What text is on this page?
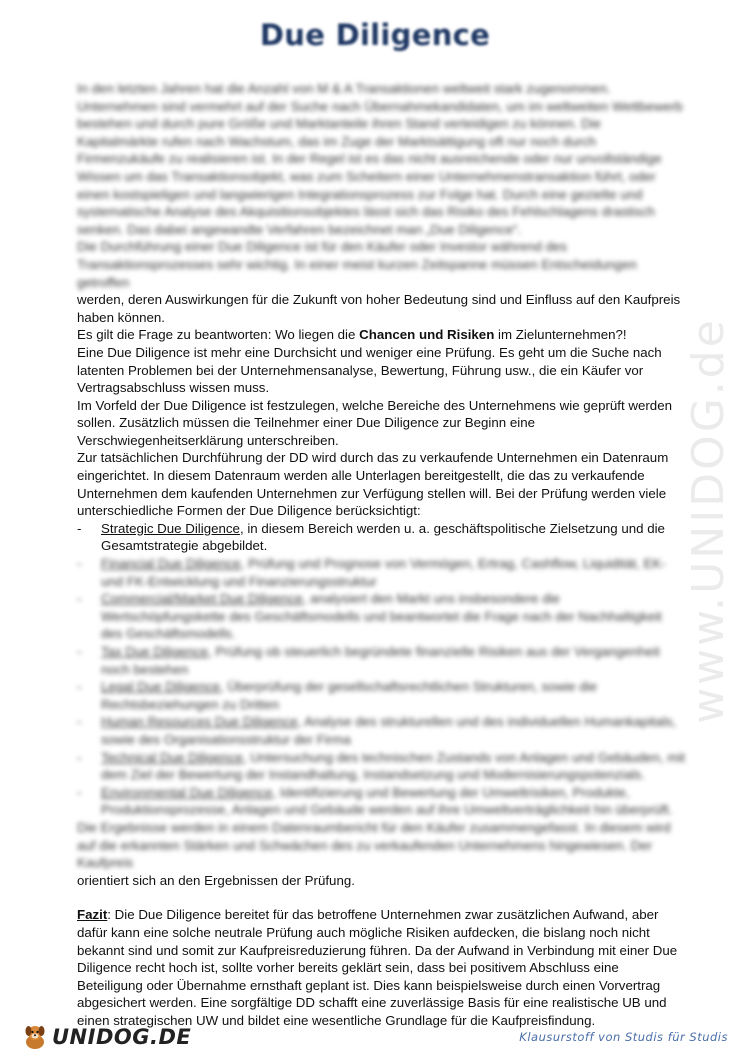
Due Diligence
www.UNIDOG.de

In den letzten Jahren hat die Anzahl von M & A Transaktionen weltweit stark zugenommen. Unternehmen sind vermehrt auf der Suche nach Übernahmekandidaten, um im weltweiten Wettbewerb bestehen und durch pure Größe und Marktanteile ihren Stand verteidigen zu können. Die Kapitalmärkte rufen nach Wachstum, das im Zuge der Marktsättigung oft nur noch durch Firmenzukäufe zu realisieren ist. In der Regel ist es das nicht ausreichende oder nur unvollständige Wissen um das Transaktionsobjekt, was zum Scheitern einer Unternehmenstransaktion führt, oder einen kostspieligen und langwierigen Integrationsprozess zur Folge hat. Durch eine gezielte und systematische Analyse des Akquisitionsobjektes lässt sich das Risiko des Fehlschlagens drastisch senken. Das dabei angewandte Verfahren bezeichnet man „Due Diligence“.

Die Durchführung einer Due Diligence ist für den Käufer oder Investor während des Transaktionsprozesses sehr wichtig. In einer meist kurzen Zeitspanne müssen Entscheidungen getroffen

werden, deren Auswirkungen für die Zukunft von hoher Bedeutung sind und Einfluss auf den Kaufpreis haben können.

Es gilt die Frage zu beantworten: Wo liegen die Chancen und Risiken im Zielunternehmen?!

Eine Due Diligence ist mehr eine Durchsicht und weniger eine Prüfung. Es geht um die Suche nach latenten Problemen bei der Unternehmensanalyse, Bewertung, Führung usw., die ein Käufer vor Vertragsabschluss wissen muss.

Im Vorfeld der Due Diligence ist festzulegen, welche Bereiche des Unternehmens wie geprüft werden sollen. Zusätzlich müssen die Teilnehmer einer Due Diligence zur Beginn eine Verschwiegenheitserklärung unterschreiben.

Zur tatsächlichen Durchführung der DD wird durch das zu verkaufende Unternehmen ein Datenraum eingerichtet. In diesem Datenraum werden alle Unterlagen bereitgestellt, die das zu verkaufende Unternehmen dem kaufenden Unternehmen zur Verfügung stellen will. Bei der Prüfung werden viele unterschiedliche Formen der Due Diligence berücksichtigt:

- Strategic Due Diligence, in diesem Bereich werden u. a. geschäftspolitische Zielsetzung und die Gesamtstrategie abgebildet.
- Financial Due Diligence, Prüfung und Prognose von Vermögen, Ertrag, Cashflow, Liquidität, EK- und FK-Entwicklung und Finanzierungsstruktur
- Commercial/Market Due Diligence, analysiert den Markt uns insbesondere die Wertschöpfungskette des Geschäftsmodells und beantwortet die Frage nach der Nachhaltigkeit des Geschäftsmodells.
- Tax Due Diligence, Prüfung ob steuerlich begründete finanzielle Risiken aus der Vergangenheit noch bestehen
- Legal Due Diligence, Überprüfung der gesellschaftsrechtlichen Strukturen, sowie die Rechtsbeziehungen zu Dritten
- Human Resources Due Diligence, Analyse des strukturellen und des individuellen Humankapitals, sowie des Organisationsstruktur der Firma
- Technical Due Diligence, Untersuchung des technischen Zustands von Anlagen und Gebäuden, mit dem Ziel der Bewertung der Instandhaltung, Instandsetzung und Modernisierungspotenzials.
- Environmental Due Diligence, Identifizierung und Bewertung der Umweltrisiken, Produkte, Produktionsprozesse, Anlagen und Gebäude werden auf ihre Umweltverträglichkeit hin überprüft.

Die Ergebnisse werden in einem Datenraumbericht für den Käufer zusammengefasst. In diesem wird auf die erkannten Stärken und Schwächen des zu verkaufenden Unternehmens hingewiesen. Der Kaufpreis

orientiert sich an den Ergebnissen der Prüfung.

Fazit: Die Due Diligence bereitet für das betroffene Unternehmen zwar zusätzlichen Aufwand, aber dafür kann eine solche neutrale Prüfung auch mögliche Risiken aufdecken, die bislang noch nicht bekannt sind und somit zur Kaufpreisreduzierung führen. Da der Aufwand in Verbindung mit einer Due Diligence recht hoch ist, sollte vorher bereits geklärt sein, dass bei positivem Abschluss eine Beteiligung oder Übernahme ernsthaft geplant ist. Dies kann beispielsweise durch einen Vorvertrag abgesichert werden. Eine sorgfältige DD schafft eine zuverlässige Basis für eine realistische UB und einen strategischen UW und bildet eine wesentliche Grundlage für die Kaufpreisfindung.

UNIDOG.DE	Klausurstoff von Studis für Studis
